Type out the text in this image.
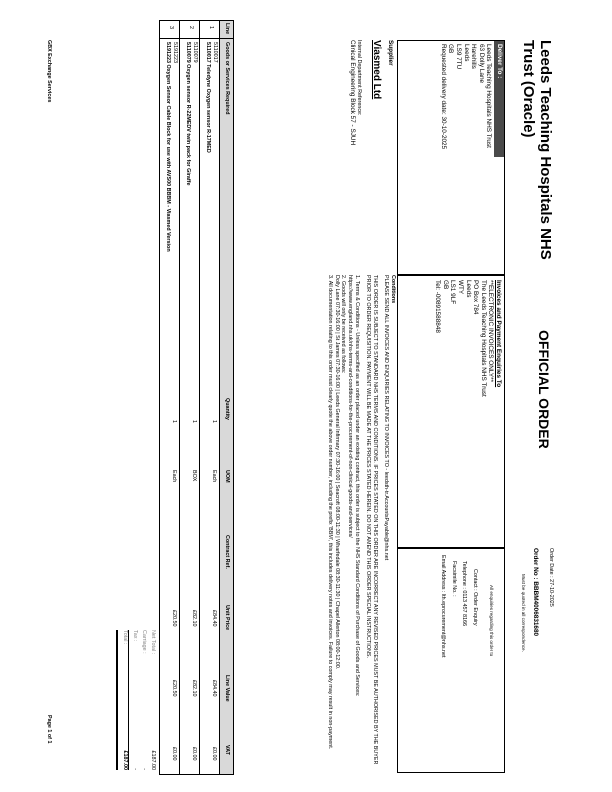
Leeds Teaching Hospitals NHS
Trust (Oracle)
OFFICIAL ORDER
Order Date : 27-10-2025
Order No : BBBM4006831680
Must be quoted in all correspondence.
All enquiries regarding this order to
Contact : Order Enquiry
Telephone : 0113 457 8166
Facsimile No. :
Email Address : lth.eprocurement@nhs.net
Deliver To :
Leeds Teaching Hospitals NHS Trust
63 Dolly Lane
Harehills
Leeds
LS9 7TU
GB
Requested delivery date: 30-10-2025
Invoices and Payment Enquiries To
**ELECTRONIC INVOICES ONLY**
The Leeds Teaching Hospitals NHS Trust
PO Box 784
Leeds
WTY
LS1 9LF
GB
Tel: -00891588848
Supplier
Viasmed Ltd
Internal Department Reference:
Clinical Engineering Block 57 - SJUH
Conditions
PLEASE SEND ALL INVOICES AND ENQUIRIES RELATING TO INVOICES TO - leedsth-tr.AccountsPayable@nhs.net
THIS ORDER IS SUBJECT TO STANDARD NHS TERMS AND CONDITIONS. IF PRICES STATED ON THIS ORDER ARE INCORRECT ANY REVISED PRICES MUST BE AUTHORISED BY THE BUYER PRIOR TO ORDER REQUISITION. PAYMENT WILL BE MADE AT THE PRICES STATED HEREIN. DO NOT AMEND THIS ORDER SPECIAL INSTRUCTIONS.
1. Terms & Conditions - Unless specified as an order placed under an existing contract, this order is subject to the NHS Standard Conditions of Purchase of Goods and Services:
https://www.england.nhs.uk/nhs-terms-and-conditions-for-the-procurement-of-non-clinical-goods-and-services/
2. Goods will only be received as follows:
Dolly Lane 07:30-16:00 | St James 07:30-16:00 | Leeds General Infirmary 07:30-16:00 | Seacroft 08:00-11:30 | Wharfedale 08:30-11:30 | Chapel Allerton 08:00-12:00.
3. All documentation relating to this order must clearly quote the above order number, including the prefix 'BBM', this includes delivery notes and invoices. Failure to comply may result in non-payment.
Line
Goods or Services Required
Quantity
UOM
Contract Ref.
Unit Price
Line Value
VAT
1
5110017
5110017 Teledyne Oxygen sensor R-17MED
1
Each
£84.40
£84.40
£0.00
2
5110079
5110079 Oxygen sensor R-22MEDV twin pack for Giraffe
1
BOX
£82.10
£82.10
£0.00
3
5191223
5191223 Oxygen Sensor Cable Block for use with AVS00 BBBM - Viasmed Version
1
Each
£20.50
£20.50
£0.00
Net Total :
£187.00
Carriage :
-
Tax :
-
Total :
£187.00
GBX Exchange Services
Page 1 of 1
